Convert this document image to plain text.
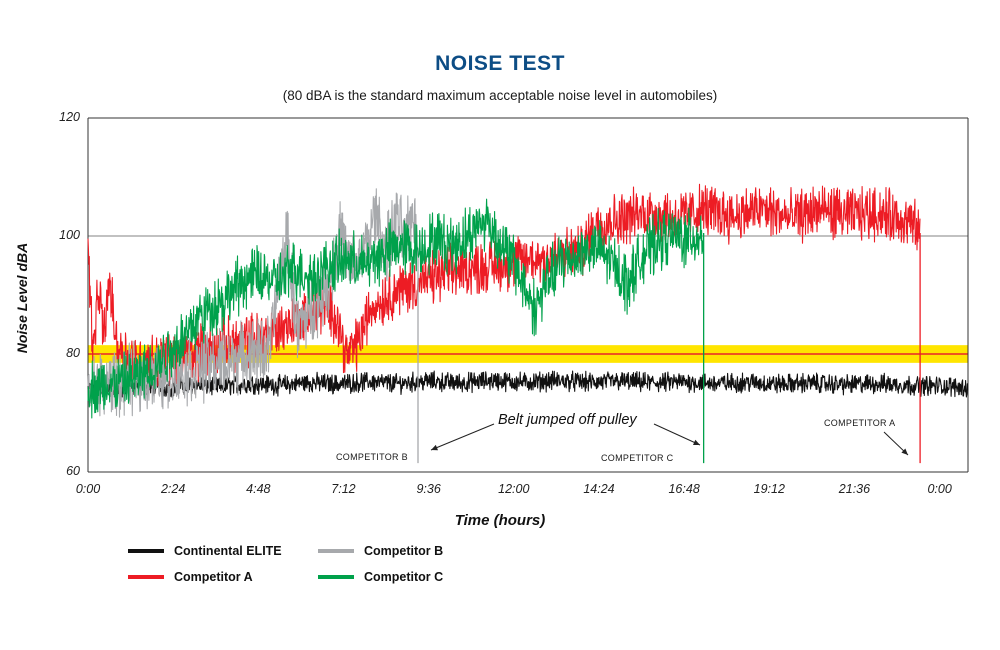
NOISE TEST
(80 dBA is the standard maximum acceptable noise level in automobiles)
Noise Level dBA
Time (hours)
60
80
100
120
0:00	2:24	4:48	7:12	9:36	12:00	14:24	16:48	19:12	21:36	0:00
COMPETITOR B	COMPETITOR C
COMPETITOR A
Belt jumped off pulley
Continental ELITE	Competitor B
Competitor A	Competitor C
